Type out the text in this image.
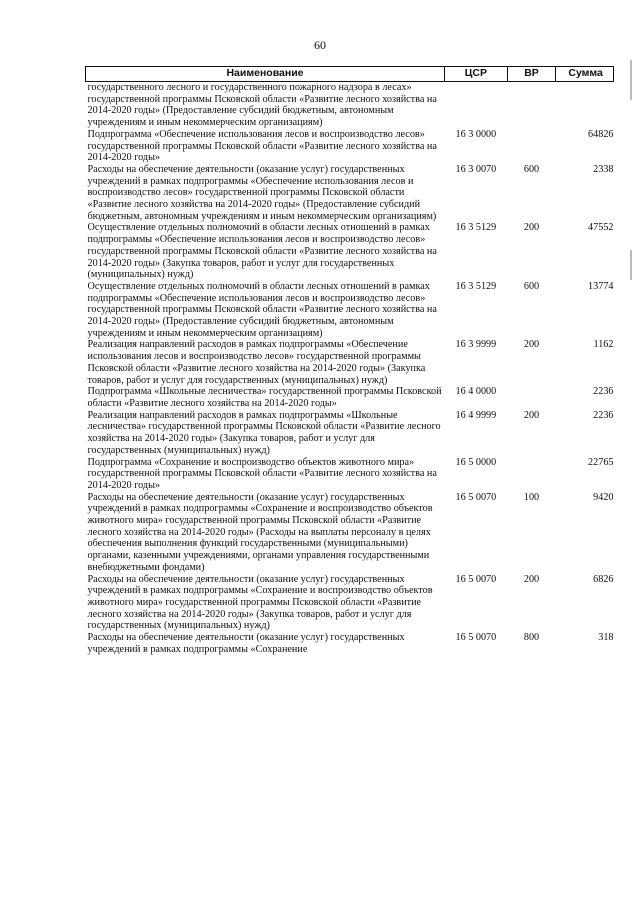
60
Наименование	ЦСР	ВР	Сумма
государственного лесного и государственного пожарного надзора в лесах» государственной программы Псковской области «Развитие лесного хозяйства на 2014-2020 годы» (Предоставление субсидий бюджетным, автономным учреждениям и иным некоммерческим организациям)			
Подпрограмма «Обеспечение использования лесов и воспроизводство лесов» государственной программы Псковской области «Развитие лесного хозяйства на 2014-2020 годы»	16 3 0000		64826
Расходы на обеспечение деятельности (оказание услуг) государственных учреждений в рамках подпрограммы «Обеспечение использования лесов и воспроизводство лесов» государственной программы Псковской области «Развитие лесного хозяйства на 2014-2020 годы» (Предоставление субсидий бюджетным, автономным учреждениям и иным некоммерческим организациям)	16 3 0070	600	2338
Осуществление отдельных полномочий в области лесных отношений в рамках подпрограммы «Обеспечение использования лесов и воспроизводство лесов» государственной программы Псковской области «Развитие лесного хозяйства на 2014-2020 годы» (Закупка товаров, работ и услуг для государственных (муниципальных) нужд)	16 3 5129	200	47552
Осуществление отдельных полномочий в области лесных отношений в рамках подпрограммы «Обеспечение использования лесов и воспроизводство лесов» государственной программы Псковской области «Развитие лесного хозяйства на 2014-2020 годы» (Предоставление субсидий бюджетным, автономным учреждениям и иным некоммерческим организациям)	16 3 5129	600	13774
Реализация направлений расходов в рамках подпрограммы «Обеспечение использования лесов и воспроизводство лесов» государственной программы Псковской области «Развитие лесного хозяйства на 2014-2020 годы» (Закупка товаров, работ и услуг для государственных (муниципальных) нужд)	16 3 9999	200	1162
Подпрограмма «Школьные лесничества» государственной программы Псковской области «Развитие лесного хозяйства на 2014-2020 годы»	16 4 0000		2236
Реализация направлений расходов в рамках подпрограммы «Школьные лесничества» государственной программы Псковской области «Развитие лесного хозяйства на 2014-2020 годы» (Закупка товаров, работ и услуг для государственных (муниципальных) нужд)	16 4 9999	200	2236
Подпрограмма «Сохранение и воспроизводство объектов животного мира» государственной программы Псковской области «Развитие лесного хозяйства на 2014-2020 годы»	16 5 0000		22765
Расходы на обеспечение деятельности (оказание услуг) государственных учреждений в рамках подпрограммы «Сохранение и воспроизводство объектов животного мира» государственной программы Псковской области «Развитие лесного хозяйства на 2014-2020 годы» (Расходы на выплаты персоналу в целях обеспечения выполнения функций государственными (муниципальными) органами, казенными учреждениями, органами управления государственными внебюджетными фондами)	16 5 0070	100	9420
Расходы на обеспечение деятельности (оказание услуг) государственных учреждений в рамках подпрограммы «Сохранение и воспроизводство объектов животного мира» государственной программы Псковской области «Развитие лесного хозяйства на 2014-2020 годы» (Закупка товаров, работ и услуг для государственных (муниципальных) нужд)	16 5 0070	200	6826
Расходы на обеспечение деятельности (оказание услуг) государственных учреждений в рамках подпрограммы «Сохранение	16 5 0070	800	318
